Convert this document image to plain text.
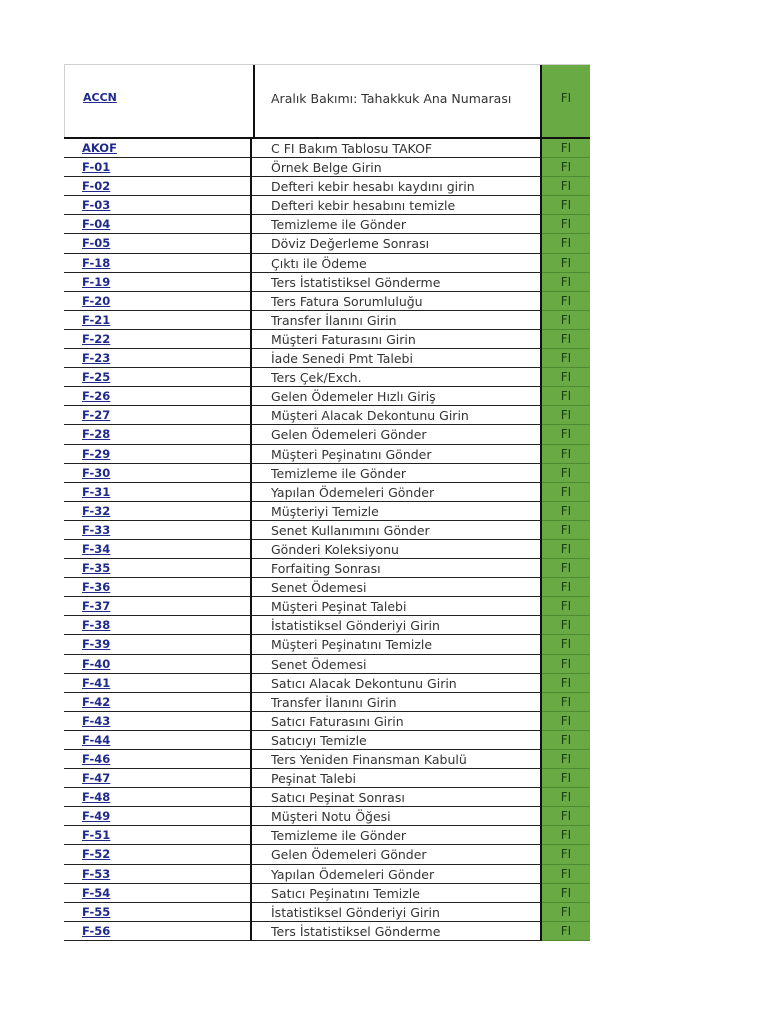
ACCN	Aralık Bakımı: Tahakkuk Ana Numarası	FI
AKOF	C FI Bakım Tablosu TAKOF	FI
F-01	Örnek Belge Girin	FI
F-02	Defteri kebir hesabı kaydını girin	FI
F-03	Defteri kebir hesabını temizle	FI
F-04	Temizleme ile Gönder	FI
F-05	Döviz Değerleme Sonrası	FI
F-18	Çıktı ile Ödeme	FI
F-19	Ters İstatistiksel Gönderme	FI
F-20	Ters Fatura Sorumluluğu	FI
F-21	Transfer İlanını Girin	FI
F-22	Müşteri Faturasını Girin	FI
F-23	İade Senedi Pmt Talebi	FI
F-25	Ters Çek/Exch.	FI
F-26	Gelen Ödemeler Hızlı Giriş	FI
F-27	Müşteri Alacak Dekontunu Girin	FI
F-28	Gelen Ödemeleri Gönder	FI
F-29	Müşteri Peşinatını Gönder	FI
F-30	Temizleme ile Gönder	FI
F-31	Yapılan Ödemeleri Gönder	FI
F-32	Müşteriyi Temizle	FI
F-33	Senet Kullanımını Gönder	FI
F-34	Gönderi Koleksiyonu	FI
F-35	Forfaiting Sonrası	FI
F-36	Senet Ödemesi	FI
F-37	Müşteri Peşinat Talebi	FI
F-38	İstatistiksel Gönderiyi Girin	FI
F-39	Müşteri Peşinatını Temizle	FI
F-40	Senet Ödemesi	FI
F-41	Satıcı Alacak Dekontunu Girin	FI
F-42	Transfer İlanını Girin	FI
F-43	Satıcı Faturasını Girin	FI
F-44	Satıcıyı Temizle	FI
F-46	Ters Yeniden Finansman Kabulü	FI
F-47	Peşinat Talebi	FI
F-48	Satıcı Peşinat Sonrası	FI
F-49	Müşteri Notu Öğesi	FI
F-51	Temizleme ile Gönder	FI
F-52	Gelen Ödemeleri Gönder	FI
F-53	Yapılan Ödemeleri Gönder	FI
F-54	Satıcı Peşinatını Temizle	FI
F-55	İstatistiksel Gönderiyi Girin	FI
F-56	Ters İstatistiksel Gönderme	FI
